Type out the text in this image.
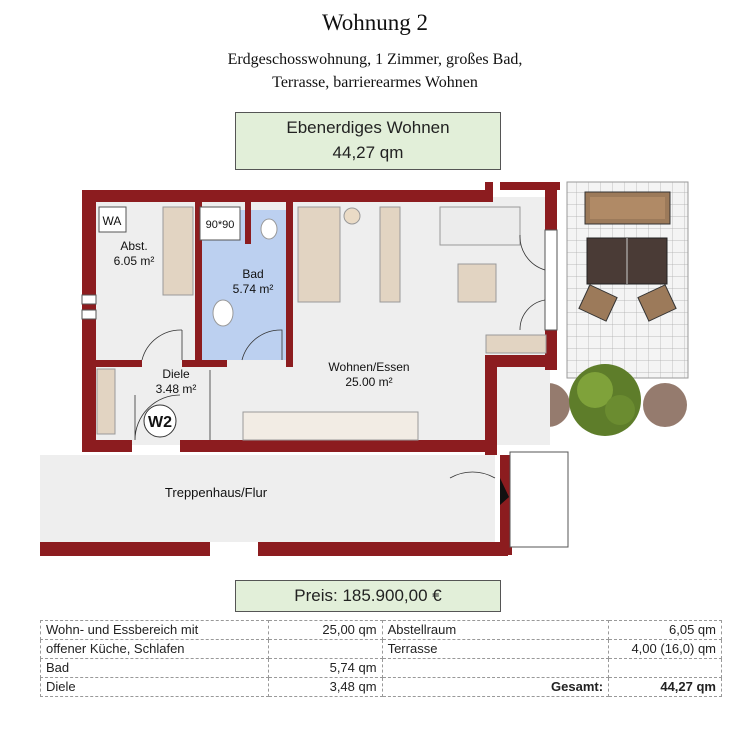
Wohnung 2
Erdgeschosswohnung, 1 Zimmer, großes Bad,
Terrasse, barrierearmes Wohnen
Ebenerdiges Wohnen
44,27 qm
WA
Abst.
6.05 m²
90*90
Bad
5.74 m²
Diele
3.48 m²
Wohnen/Essen
25.00 m²
W2
Treppenhaus/Flur
Preis: 185.900,00 €
Wohn- und Essbereich mit	25,00 qm	Abstellraum	6,05 qm
offener Küche, Schlafen		Terrasse	4,00 (16,0) qm
Bad	5,74 qm		
Diele	3,48 qm	Gesamt:	44,27 qm
